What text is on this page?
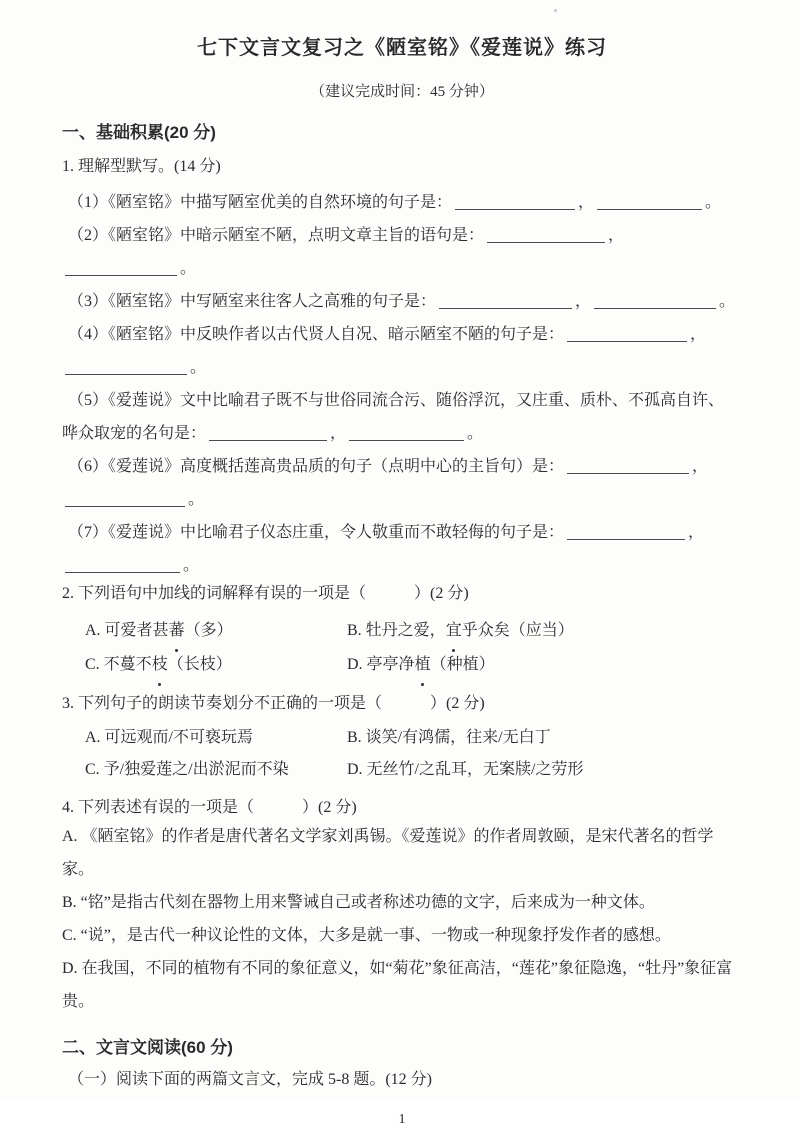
七下文言文复习之《陋室铭》《爱莲说》练习
（建议完成时间：45 分钟）
一、基础积累(20 分)
1. 理解型默写。(14 分)

（1）《陋室铭》中描写陋室优美的自然环境的句子是：	，	。

（2）《陋室铭》中暗示陋室不陋，点明文章主旨的语句是：	，。

（3）《陋室铭》中写陋室来往客人之高雅的句子是：	，	。

（4）《陋室铭》中反映作者以古代贤人自况、暗示陋室不陋的句子是：	，
。

（5）《爱莲说》文中比喻君子既不与世俗同流合污、随俗浮沉，又庄重、质朴、不孤高自许、
哗众取宠的名句是：	，	。

（6）《爱莲说》高度概括莲高贵品质的句子（点明中心的主旨句）是：	，
。

（7）《爱莲说》中比喻君子仪态庄重，令人敬重而不敢轻侮的句子是：	，
。

2. 下列语句中加线的词解释有误的一项是（　　　）(2 分)
A. 可爱者甚蕃（多）	B. 牡丹之爱，宜乎众矣（应当）
C. 不蔓不枝（长枝）	D. 亭亭净植（种植）
3. 下列句子的朗读节奏划分不正确的一项是（　　　）(2 分)
A. 可远观而/不可亵玩焉	B. 谈笑/有鸿儒，往来/无白丁
C. 予/独爱莲之/出淤泥而不染	D. 无丝竹/之乱耳，无案牍/之劳形
4. 下列表述有误的一项是（　　　）(2 分)

A. 《陋室铭》的作者是唐代著名文学家刘禹锡。《爱莲说》的作者周敦颐，是宋代著名的哲学家。

B. “铭”是指古代刻在器物上用来警诫自己或者称述功德的文字，后来成为一种文体。

C. “说”，是古代一种议论性的文体，大多是就一事、一物或一种现象抒发作者的感想。

D. 在我国，不同的植物有不同的象征意义，如“菊花”象征高洁，“莲花”象征隐逸，“牡丹”象征富贵。

二、文言文阅读(60 分)
（一）阅读下面的两篇文言文，完成 5-8 题。(12 分)
1
